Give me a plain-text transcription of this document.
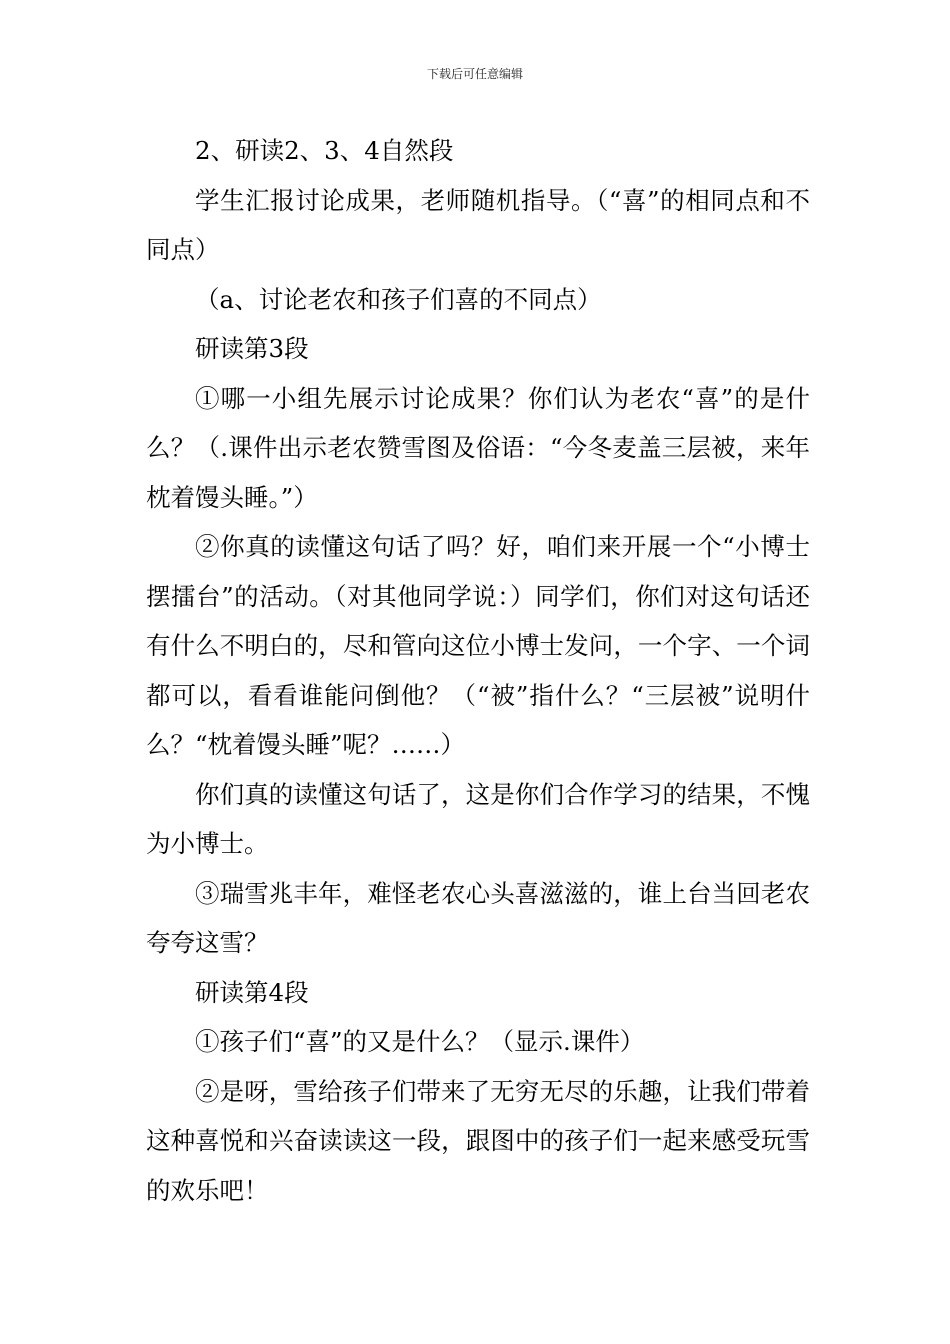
下载后可任意编辑

2、研读2、3、4自然段

学生汇报讨论成果，老师随机指导。（“喜”的相同点和不同点）

（a、讨论老农和孩子们喜的不同点）

研读第3段

①哪一小组先展示讨论成果？你们认为老农“喜”的是什么？（.课件出示老农赞雪图及俗语：“今冬麦盖三层被，来年枕着馒头睡。”）

②你真的读懂这句话了吗？好，咱们来开展一个“小博士摆擂台”的活动。（对其他同学说：）同学们，你们对这句话还有什么不明白的，尽和管向这位小博士发问，一个字、一个词都可以，看看谁能问倒他？（“被”指什么？“三层被”说明什么？“枕着馒头睡”呢？……）

你们真的读懂这句话了，这是你们合作学习的结果，不愧为小博士。

③瑞雪兆丰年，难怪老农心头喜滋滋的，谁上台当回老农夸夸这雪？

研读第4段

①孩子们“喜”的又是什么？（显示.课件）

②是呀，雪给孩子们带来了无穷无尽的乐趣，让我们带着这种喜悦和兴奋读读这一段，跟图中的孩子们一起来感受玩雪的欢乐吧！
